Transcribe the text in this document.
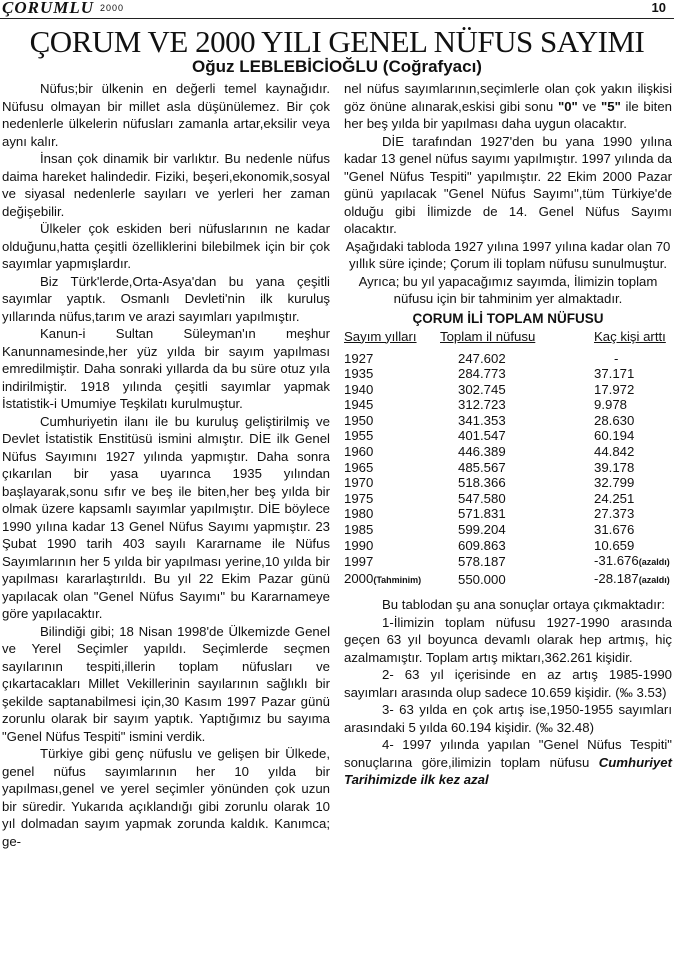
ÇORUMLU 2000	10
ÇORUM VE 2000 YILI GENEL NÜFUS SAYIMI
Oğuz LEBLEBİCİOĞLU (Coğrafyacı)

Nüfus;bir ülkenin en değerli temel kaynağıdır. Nüfusu olmayan bir millet asla düşünülemez. Bir çok nedenlerle ülkelerin nüfusları zamanla artar,eksilir veya aynı kalır.

İnsan çok dinamik bir varlıktır. Bu nedenle nüfus daima hareket halindedir. Fiziki, beşeri,ekonomik,sosyal ve siyasal nedenlerle sayıları ve yerleri her zaman değişebilir.

Ülkeler çok eskiden beri nüfuslarının ne kadar olduğunu,hatta çeşitli özelliklerini bilebilmek için bir çok sayımlar yapmışlardır.

Biz Türk'lerde,Orta-Asya'dan bu yana çeşitli sayımlar yaptık. Osmanlı Devleti'nin ilk kuruluş yıllarında nüfus,tarım ve arazi sayımları yapılmıştır.

Kanun-i Sultan Süleyman'ın meşhur Kanunnamesinde,her yüz yılda bir sayım yapılması emredilmiştir. Daha sonraki yıllarda da bu süre otuz yıla indirilmiştir. 1918 yılında çeşitli sayımlar yapmak İstatistik-i Umumiye Teşkilatı kurulmuştur.

Cumhuriyetin ilanı ile bu kuruluş geliştirilmiş ve Devlet İstatistik Enstitüsü ismini almıştır. DİE ilk Genel Nüfus Sayımını 1927 yılında yapmıştır. Daha sonra çıkarılan bir yasa uyarınca 1935 yılından başlayarak,sonu sıfır ve beş ile biten,her beş yılda bir olmak üzere kapsamlı sayımlar yapılmıştır. DİE böylece 1990 yılına kadar 13 Genel Nüfus Sayımı yapmıştır. 23 Şubat 1990 tarih 403 sayılı Kararname ile Nüfus Sayımlarının her 5 yılda bir yapılması yerine,10 yılda bir yapılması kararlaştırıldı. Bu yıl 22 Ekim Pazar günü yapılacak olan "Genel Nüfus Sayımı" bu Kararnameye göre yapılacaktır.

Bilindiği gibi; 18 Nisan 1998'de Ülkemizde Genel ve Yerel Seçimler yapıldı. Seçimlerde seçmen sayılarının tespiti,illerin toplam nüfusları ve çıkartacakları Millet Vekillerinin sayılarının sağlıklı bir şekilde saptanabilmesi için,30 Kasım 1997 Pazar günü zorunlu olarak bir sayım yaptık. Yaptığımız bu sayıma "Genel Nüfus Tespiti" ismini verdik.

Türkiye gibi genç nüfuslu ve gelişen bir Ülkede, genel nüfus sayımlarının her 10 yılda bir yapılması,genel ve yerel seçimler yönünden çok uzun bir süredir. Yukarıda açıklandığı gibi zorunlu olarak 10 yıl dolmadan sayım yapmak zorunda kaldık. Kanımca; ge-

nel nüfus sayımlarının,seçimlerle olan çok yakın ilişkisi göz önüne alınarak,eskisi gibi sonu "0" ve "5" ile biten her beş yılda bir yapılması daha uygun olacaktır.

DİE tarafından 1927'den bu yana 1990 yılına kadar 13 genel nüfus sayımı yapılmıştır. 1997 yılında da "Genel Nüfus Tespiti" yapılmıştır. 22 Ekim 2000 Pazar günü yapılacak "Genel Nüfus Sayımı",tüm Türkiye'de olduğu gibi İlimizde de 14. Genel Nüfus Sayımı olacaktır.

Aşağıdaki tabloda 1927 yılına 1997 yılına kadar olan 70 yıllık süre içinde; Çorum ili toplam nüfusu sunulmuştur. Ayrıca; bu yıl yapacağımız sayımda, İlimizin toplam nüfusu için bir tahminim yer almaktadır.

ÇORUM İLİ TOPLAM NÜFUSU
Sayım yılları	Toplam il nüfusu	Kaç kişi arttı
1927	247.602	-
1935	284.773	37.171
1940	302.745	17.972
1945	312.723	9.978
1950	341.353	28.630
1955	401.547	60.194
1960	446.389	44.842
1965	485.567	39.178
1970	518.366	32.799
1975	547.580	24.251
1980	571.831	27.373
1985	599.204	31.676
1990	609.863	10.659
1997	578.187	-31.676(azaldı)
2000(Tahminim)	550.000	-28.187(azaldı)

Bu tablodan şu ana sonuçlar ortaya çıkmaktadır:

1-İlimizin toplam nüfusu 1927-1990 arasında geçen 63 yıl boyunca devamlı olarak hep artmış, hiç azalmamıştır. Toplam artış miktarı,362.261 kişidir.

2- 63 yıl içerisinde en az artış 1985-1990 sayımları arasında olup sadece 10.659 kişidir. (‰ 3.53)

3- 63 yılda en çok artış ise,1950-1955 sayımları arasındaki 5 yılda 60.194 kişidir. (‰ 32.48)

4- 1997 yılında yapılan "Genel Nüfus Tespiti" sonuçlarına göre,ilimizin toplam nüfusu Cumhuriyet Tarihimizde ilk kez azal
